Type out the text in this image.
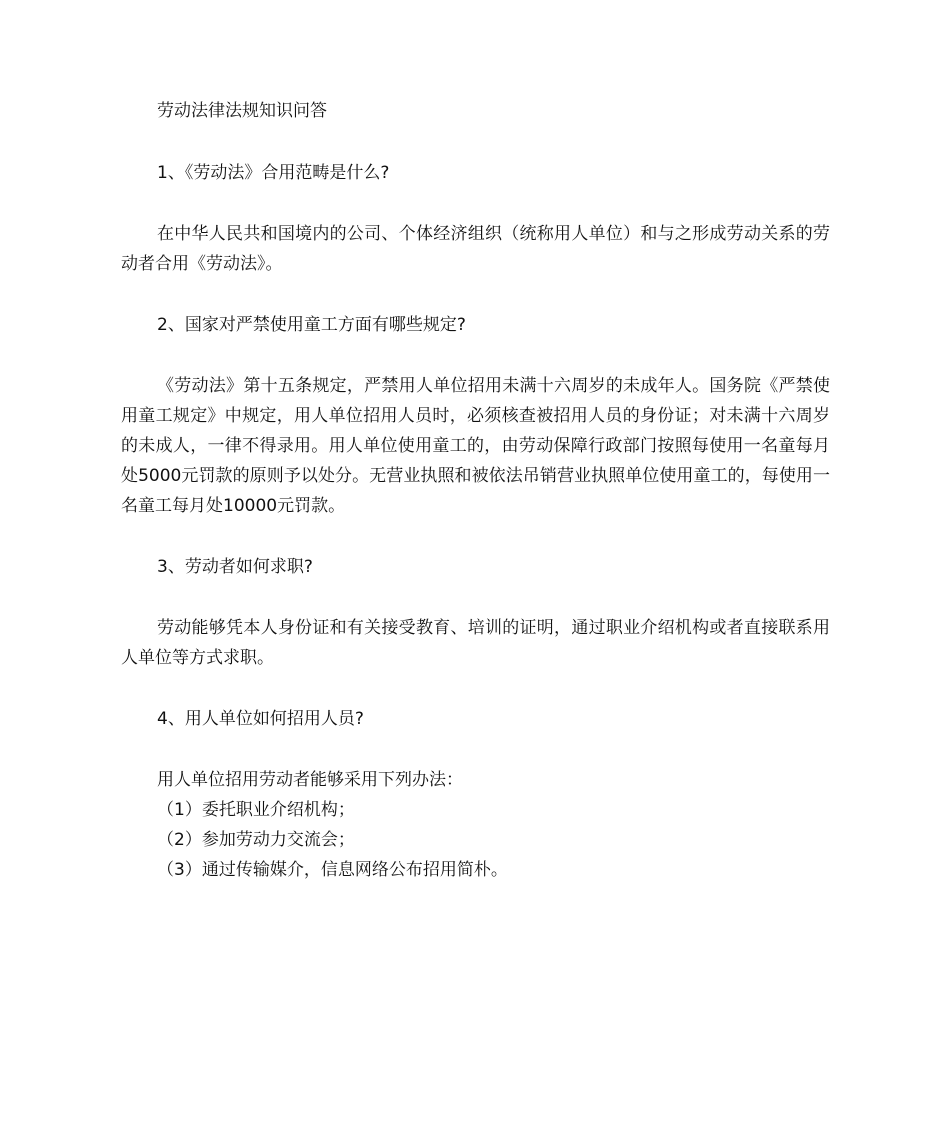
劳动法律法规知识问答

1、《劳动法》合用范畴是什么?

在中华人民共和国境内的公司、个体经济组织（统称用人单位）和与之形成劳动关系的劳动者合用《劳动法》。

2、国家对严禁使用童工方面有哪些规定?

《劳动法》第十五条规定，严禁用人单位招用未满十六周岁的未成年人。国务院《严禁使用童工规定》中规定，用人单位招用人员时，必须核查被招用人员的身份证；对未满十六周岁的未成人，一律不得录用。用人单位使用童工的，由劳动保障行政部门按照每使用一名童每月处5000元罚款的原则予以处分。无营业执照和被依法吊销营业执照单位使用童工的，每使用一名童工每月处10000元罚款。

3、劳动者如何求职?

劳动能够凭本人身份证和有关接受教育、培训的证明，通过职业介绍机构或者直接联系用人单位等方式求职。

4、用人单位如何招用人员?

用人单位招用劳动者能够采用下列办法：

（1）委托职业介绍机构；

（2）参加劳动力交流会；

（3）通过传输媒介，信息网络公布招用简朴。
